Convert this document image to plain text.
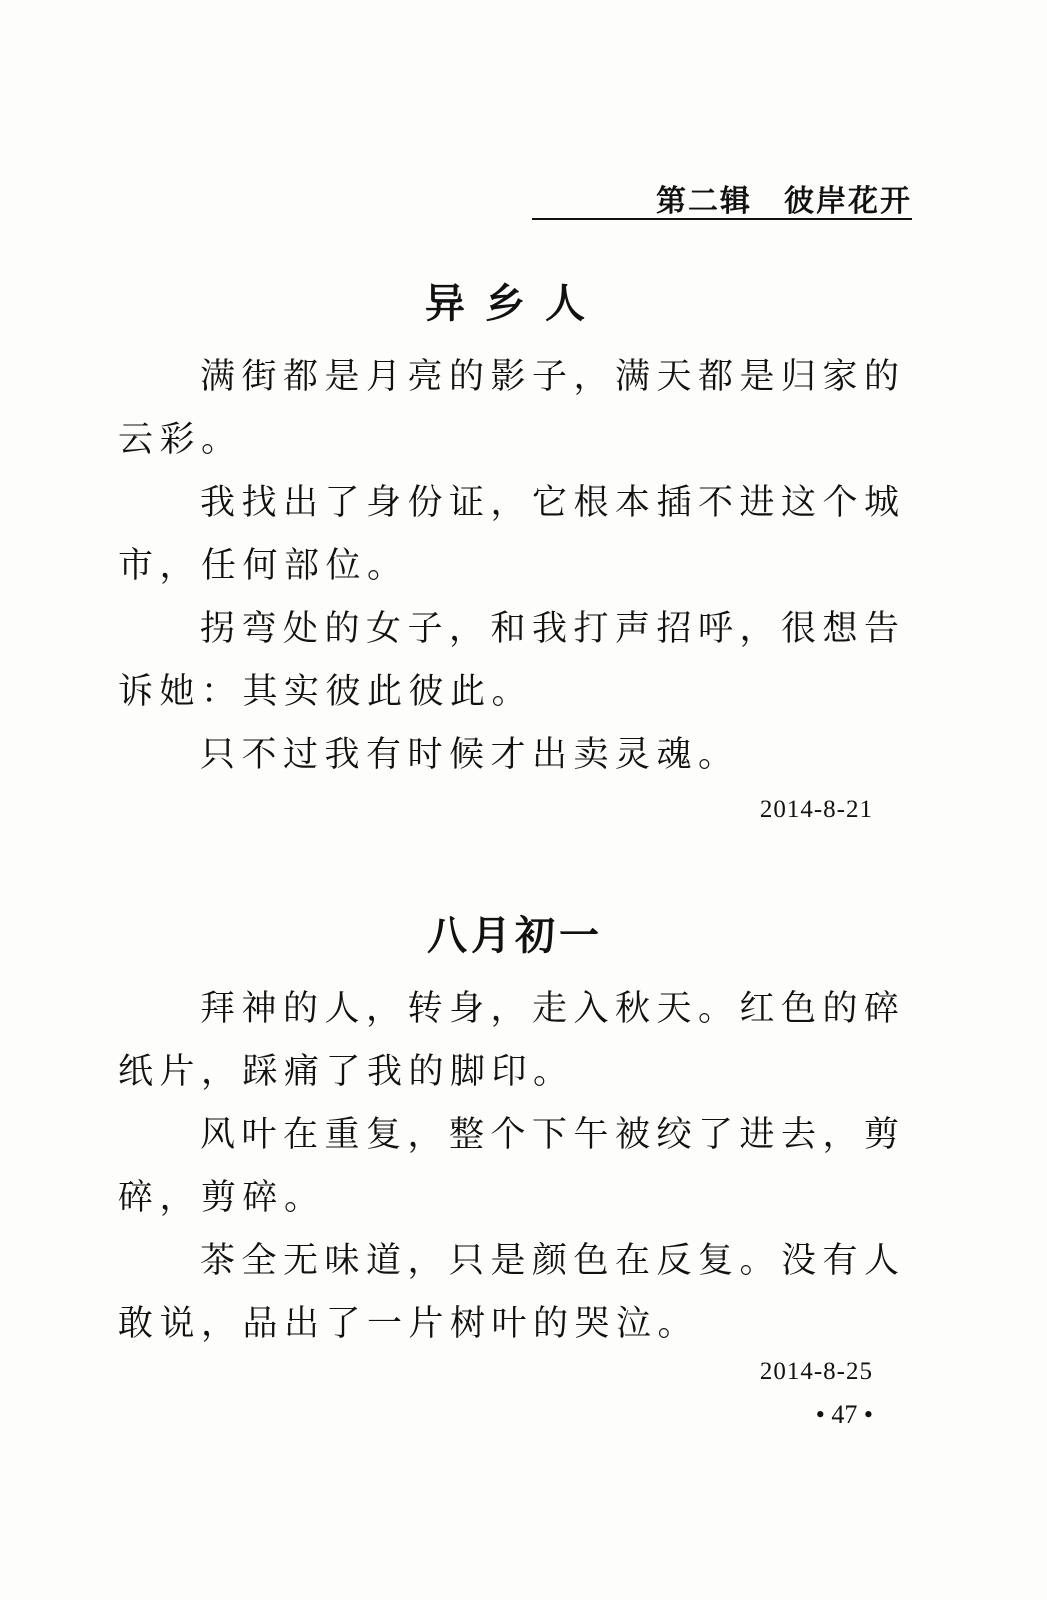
第二辑　彼岸花开
异乡人

满街都是月亮的影子，满天都是归家的云彩。

我找出了身份证，它根本插不进这个城市，任何部位。

拐弯处的女子，和我打声招呼，很想告诉她：其实彼此彼此。

只不过我有时候才出卖灵魂。

2014-8-21
八月初一

拜神的人，转身，走入秋天。红色的碎纸片，踩痛了我的脚印。

风叶在重复，整个下午被绞了进去，剪碎，剪碎。

茶全无味道，只是颜色在反复。没有人敢说，品出了一片树叶的哭泣。

2014-8-25
• 47 •
